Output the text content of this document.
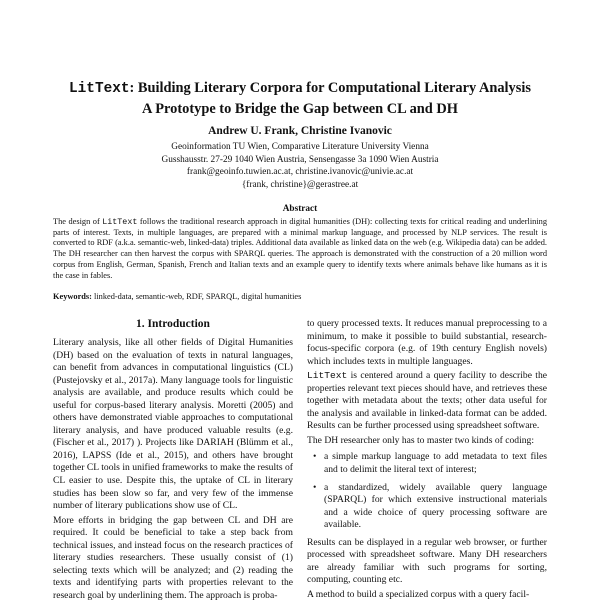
LitText: Building Literary Corpora for Computational Literary Analysis
A Prototype to Bridge the Gap between CL and DH
Andrew U. Frank, Christine Ivanovic
Geoinformation TU Wien, Comparative Literature University Vienna
Gusshausstr. 27-29 1040 Wien Austria, Sensengasse 3a 1090 Wien Austria
frank@geoinfo.tuwien.ac.at, christine.ivanovic@univie.ac.at
{frank, christine}@gerastree.at
Abstract
The design of LitText follows the traditional research approach in digital humanities (DH): collecting texts for critical reading and underlining parts of interest. Texts, in multiple languages, are prepared with a minimal markup language, and processed by NLP services. The result is converted to RDF (a.k.a. semantic-web, linked-data) triples. Additional data available as linked data on the web (e.g. Wikipedia data) can be added. The DH researcher can then harvest the corpus with SPARQL queries. The approach is demonstrated with the construction of a 20 million word corpus from English, German, Spanish, French and Italian texts and an example query to identify texts where animals behave like humans as it is the case in fables.
Keywords: linked-data, semantic-web, RDF, SPARQL, digital humanities
1. Introduction

Literary analysis, like all other fields of Digital Humanities (DH) based on the evaluation of texts in natural languages, can benefit from advances in computational linguistics (CL) (Pustejovsky et al., 2017a). Many language tools for linguistic analysis are available, and produce results which could be useful for corpus-based literary analysis. Moretti (2005) and others have demonstrated viable approaches to computational literary analysis, and have produced valuable results (e.g. (Fischer et al., 2017) ). Projects like DARIAH (Blümm et al., 2016), LAPSS (Ide et al., 2015), and others have brought together CL tools in unified frameworks to make the results of CL easier to use. Despite this, the uptake of CL in literary studies has been slow so far, and very few of the immense number of literary publications show use of CL.

More efforts in bridging the gap between CL and DH are required. It could be beneficial to take a step back from technical issues, and instead focus on the research practices of literary studies researchers. These usually consist of (1) selecting texts which will be analyzed; and (2) reading the texts and identifying parts with properties relevant to the research goal by underlining them. The approach is proba-

to query processed texts. It reduces manual preprocessing to a minimum, to make it possible to build substantial, research-focus-specific corpora (e.g. of 19th century English novels) which includes texts in multiple languages.

LitText is centered around a query facility to describe the properties relevant text pieces should have, and retrieves these together with metadata about the texts; other data useful for the analysis and available in linked-data format can be added. Results can be further processed using spreadsheet software.

The DH researcher only has to master two kinds of coding:

• a simple markup language to add metadata to text files and to delimit the literal text of interest;
• a standardized, widely available query language (SPARQL) for which extensive instructional materials and a wide choice of query processing software are available.

Results can be displayed in a regular web browser, or further processed with spreadsheet software. Many DH researchers are already familiar with such programs for sorting, computing, counting etc.

A method to build a specialized corpus with a query facil-
